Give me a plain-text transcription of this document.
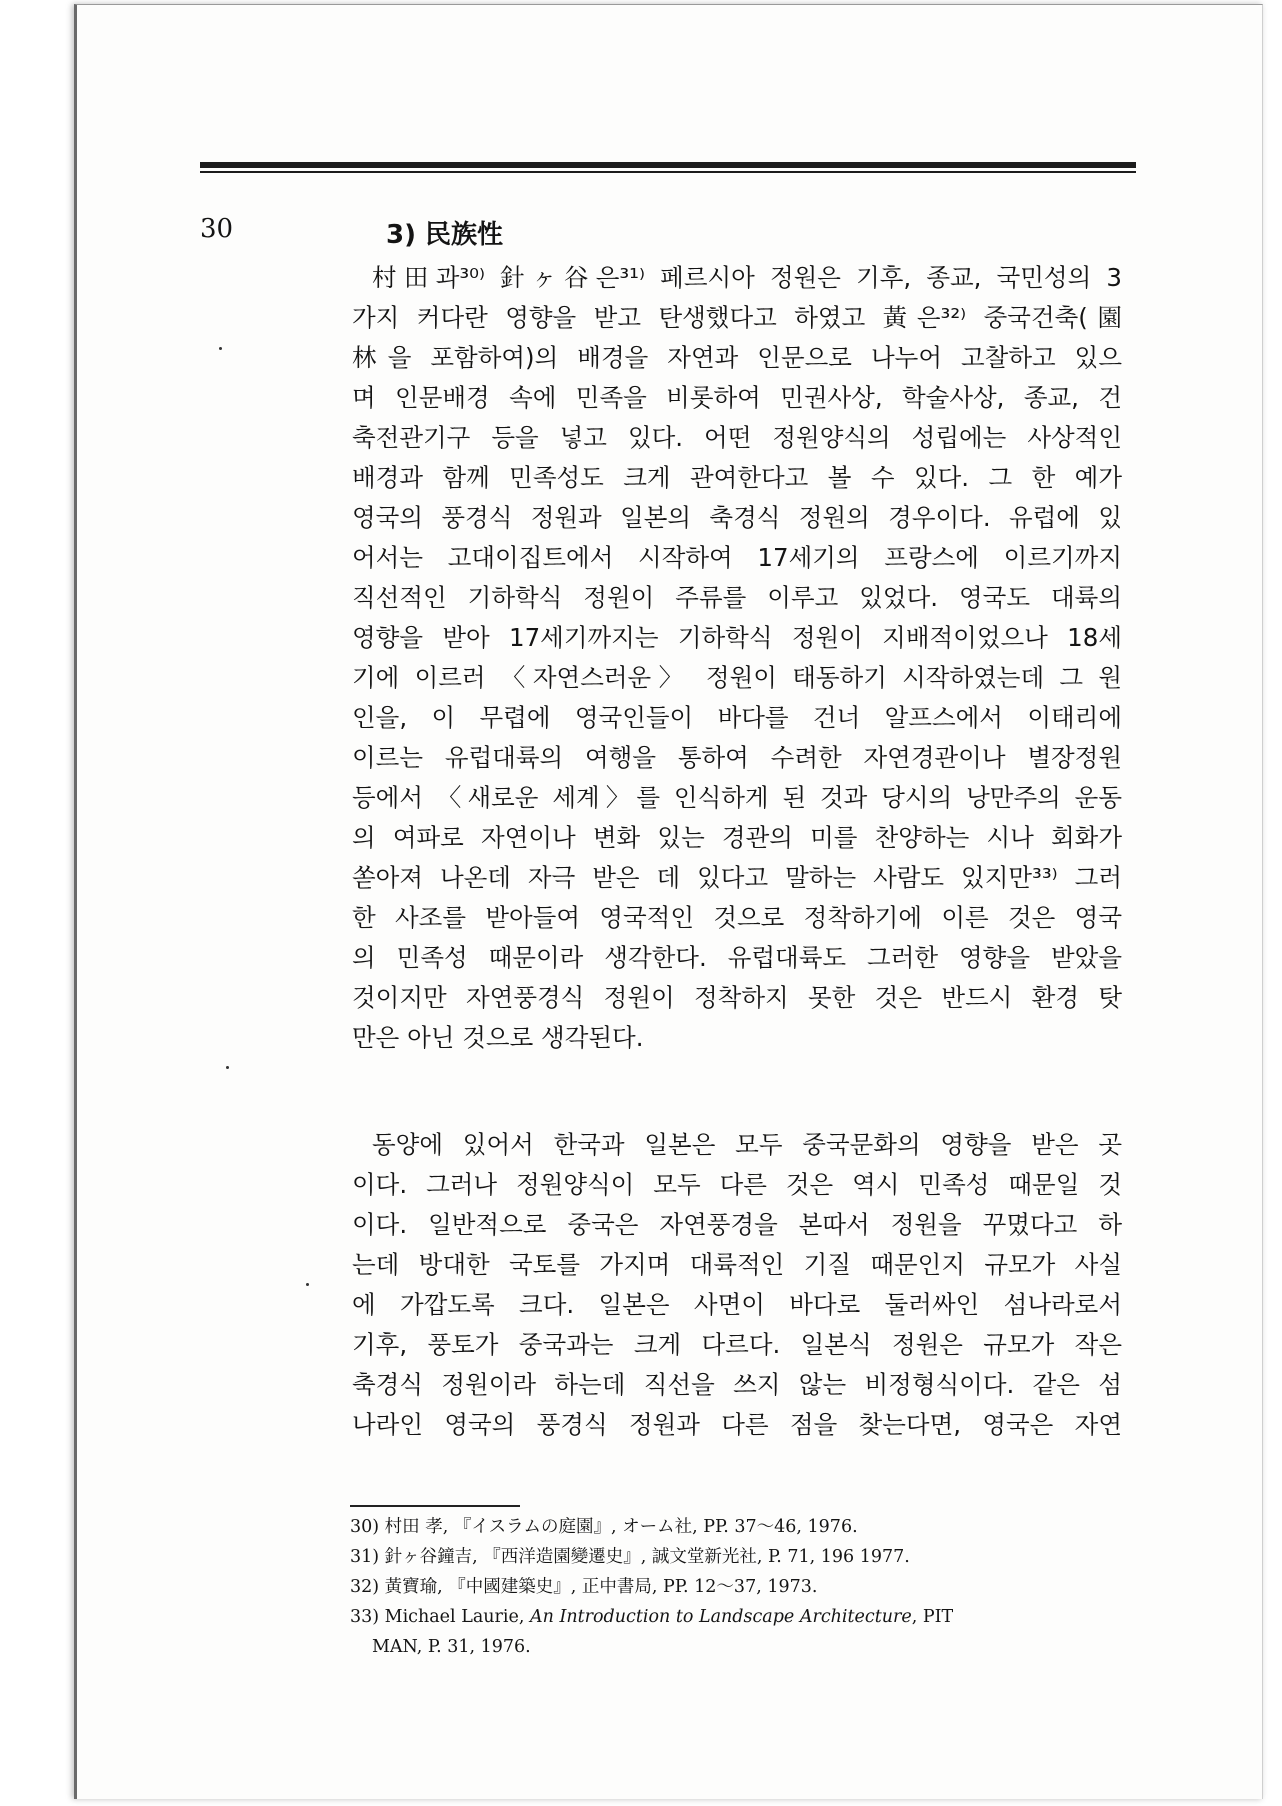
30	3) 民族性
村田과³⁰⁾ 針ヶ谷은³¹⁾ 페르시아 정원은 기후, 종교, 국민성의 3
가지 커다란 영향을 받고 탄생했다고 하였고 黃은³²⁾ 중국건축(園
林을 포함하여)의 배경을 자연과 인문으로 나누어 고찰하고 있으
며 인문배경 속에 민족을 비롯하여 민권사상, 학술사상, 종교, 건
축전관기구 등을 넣고 있다. 어떤 정원양식의 성립에는 사상적인
배경과 함께 민족성도 크게 관여한다고 볼 수 있다. 그 한 예가
영국의 풍경식 정원과 일본의 축경식 정원의 경우이다. 유럽에 있
어서는 고대이집트에서 시작하여 17세기의 프랑스에 이르기까지
직선적인 기하학식 정원이 주류를 이루고 있었다. 영국도 대륙의
영향을 받아 17세기까지는 기하학식 정원이 지배적이었으나 18세
기에 이르러 〈자연스러운〉 정원이 태동하기 시작하였는데 그 원
인을, 이 무렵에 영국인들이 바다를 건너 알프스에서 이태리에
이르는 유럽대륙의 여행을 통하여 수려한 자연경관이나 별장정원
등에서 〈새로운 세계〉를 인식하게 된 것과 당시의 낭만주의 운동
의 여파로 자연이나 변화 있는 경관의 미를 찬양하는 시나 회화가
쏟아져 나온데 자극 받은 데 있다고 말하는 사람도 있지만³³⁾ 그러
한 사조를 받아들여 영국적인 것으로 정착하기에 이른 것은 영국
의 민족성 때문이라 생각한다. 유럽대륙도 그러한 영향을 받았을
것이지만 자연풍경식 정원이 정착하지 못한 것은 반드시 환경 탓
만은 아닌 것으로 생각된다.
동양에 있어서 한국과 일본은 모두 중국문화의 영향을 받은 곳
이다. 그러나 정원양식이 모두 다른 것은 역시 민족성 때문일 것
이다. 일반적으로 중국은 자연풍경을 본따서 정원을 꾸몄다고 하
는데 방대한 국토를 가지며 대륙적인 기질 때문인지 규모가 사실
에 가깝도록 크다. 일본은 사면이 바다로 둘러싸인 섬나라로서
기후, 풍토가 중국과는 크게 다르다. 일본식 정원은 규모가 작은
축경식 정원이라 하는데 직선을 쓰지 않는 비정형식이다. 같은 섬
나라인 영국의 풍경식 정원과 다른 점을 찾는다면, 영국은 자연
30) 村田 孝, 『イスラムの庭園』, オーム社, PP. 37～46, 1976.
31) 針ヶ谷鐘吉, 『西洋造園變遷史』, 誠文堂新光社, P. 71, 196 1977.
32) 黃寶瑜, 『中國建築史』, 正中書局, PP. 12～37, 1973.
33) Michael Laurie, An Introduction to Landscape Architecture, PIT
MAN, P. 31, 1976.
